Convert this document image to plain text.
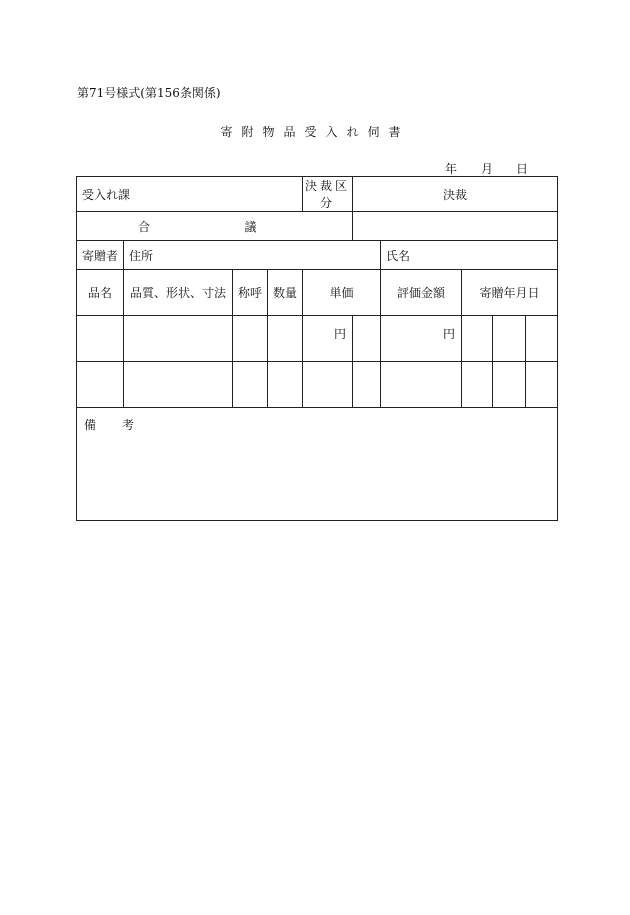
第71号様式(第156条関係)
寄附物品受入れ伺書
年 月 日
受入れ課				決裁区分	決裁				
合		議							
寄贈者	住所					氏名			
品名	品質、形状、寸法	称呼	数量	単価		評価金額	寄贈年月日		
				円		円			

備考									
